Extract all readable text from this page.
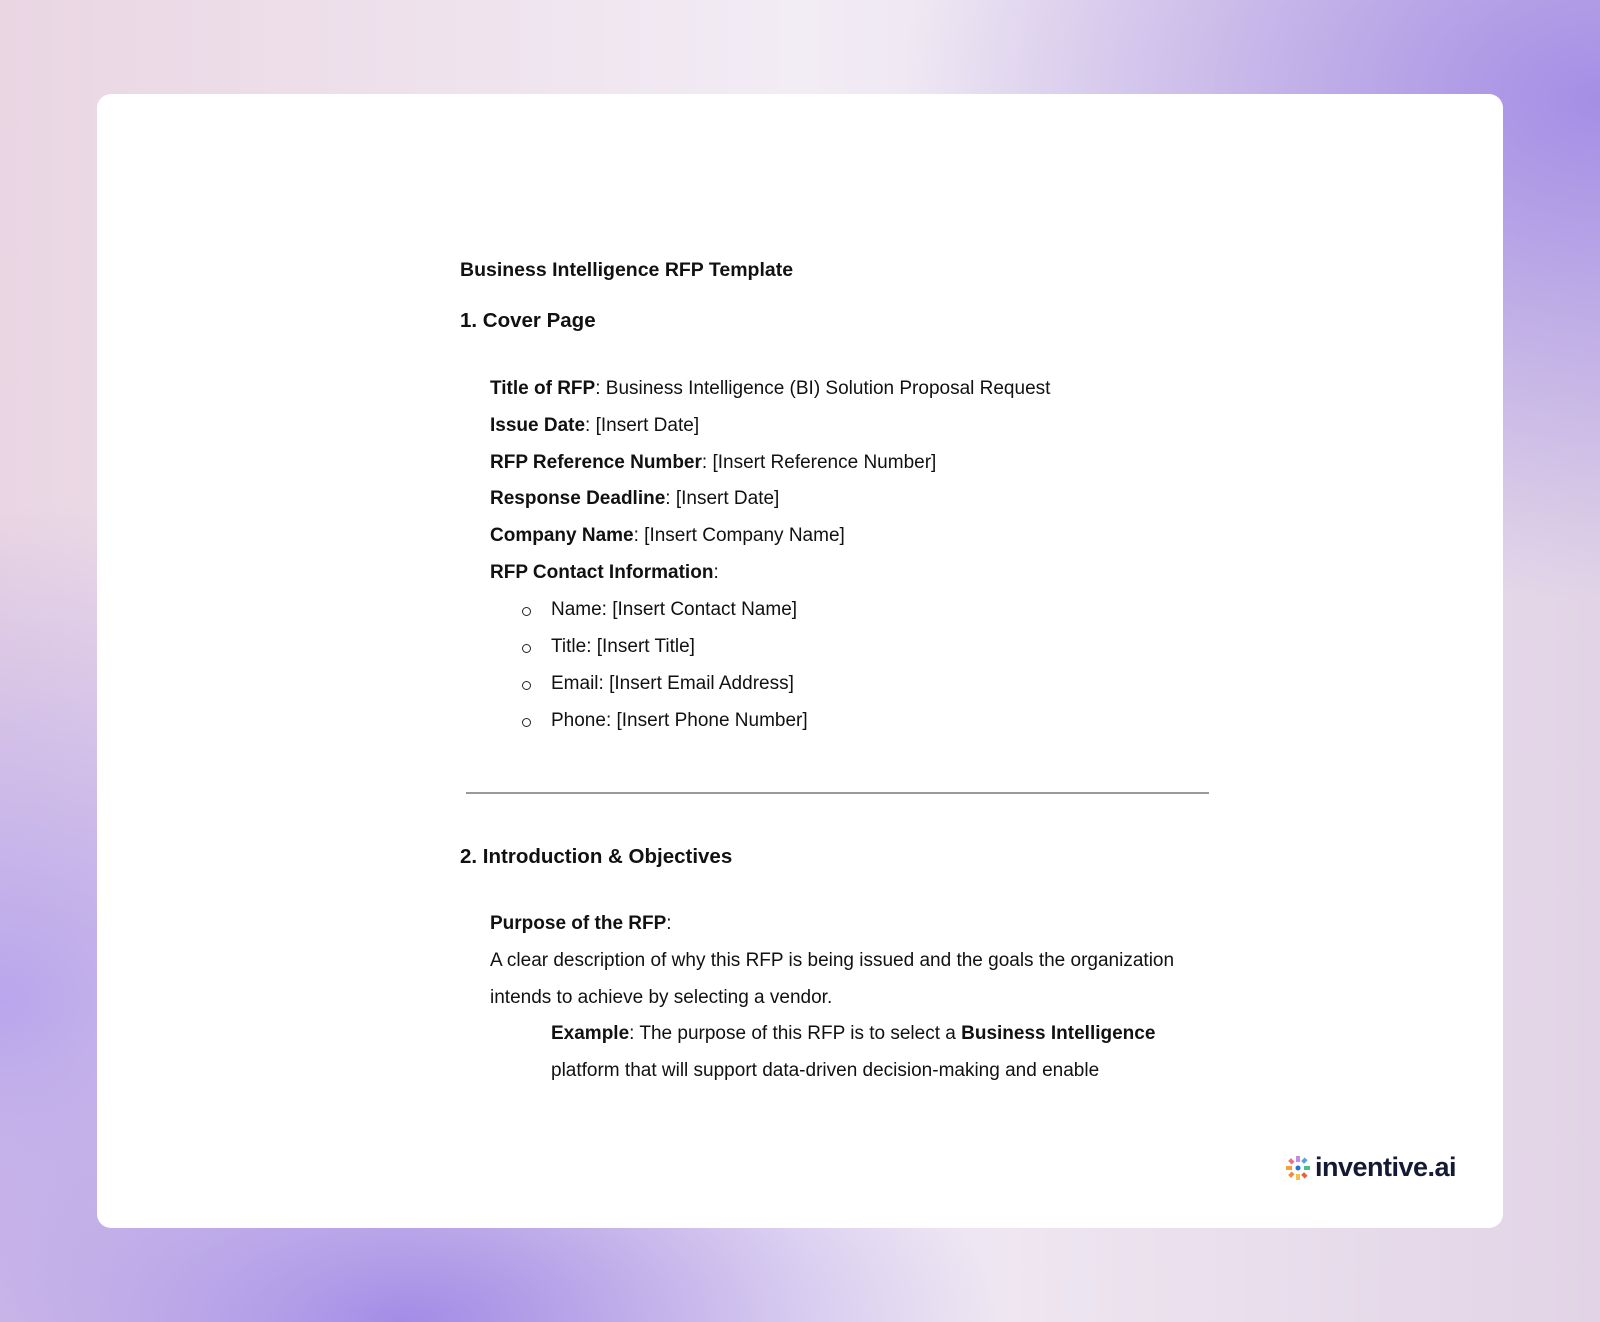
Business Intelligence RFP Template
1. Cover Page
Title of RFP: Business Intelligence (BI) Solution Proposal Request
Issue Date: [Insert Date]
RFP Reference Number: [Insert Reference Number]
Response Deadline: [Insert Date]
Company Name: [Insert Company Name]
RFP Contact Information:
Name: [Insert Contact Name]
Title: [Insert Title]
Email: [Insert Email Address]
Phone: [Insert Phone Number]
2. Introduction & Objectives
Purpose of the RFP:
A clear description of why this RFP is being issued and the goals the organization
intends to achieve by selecting a vendor.
Example: The purpose of this RFP is to select a Business Intelligence
platform that will support data-driven decision-making and enable
inventive.ai
